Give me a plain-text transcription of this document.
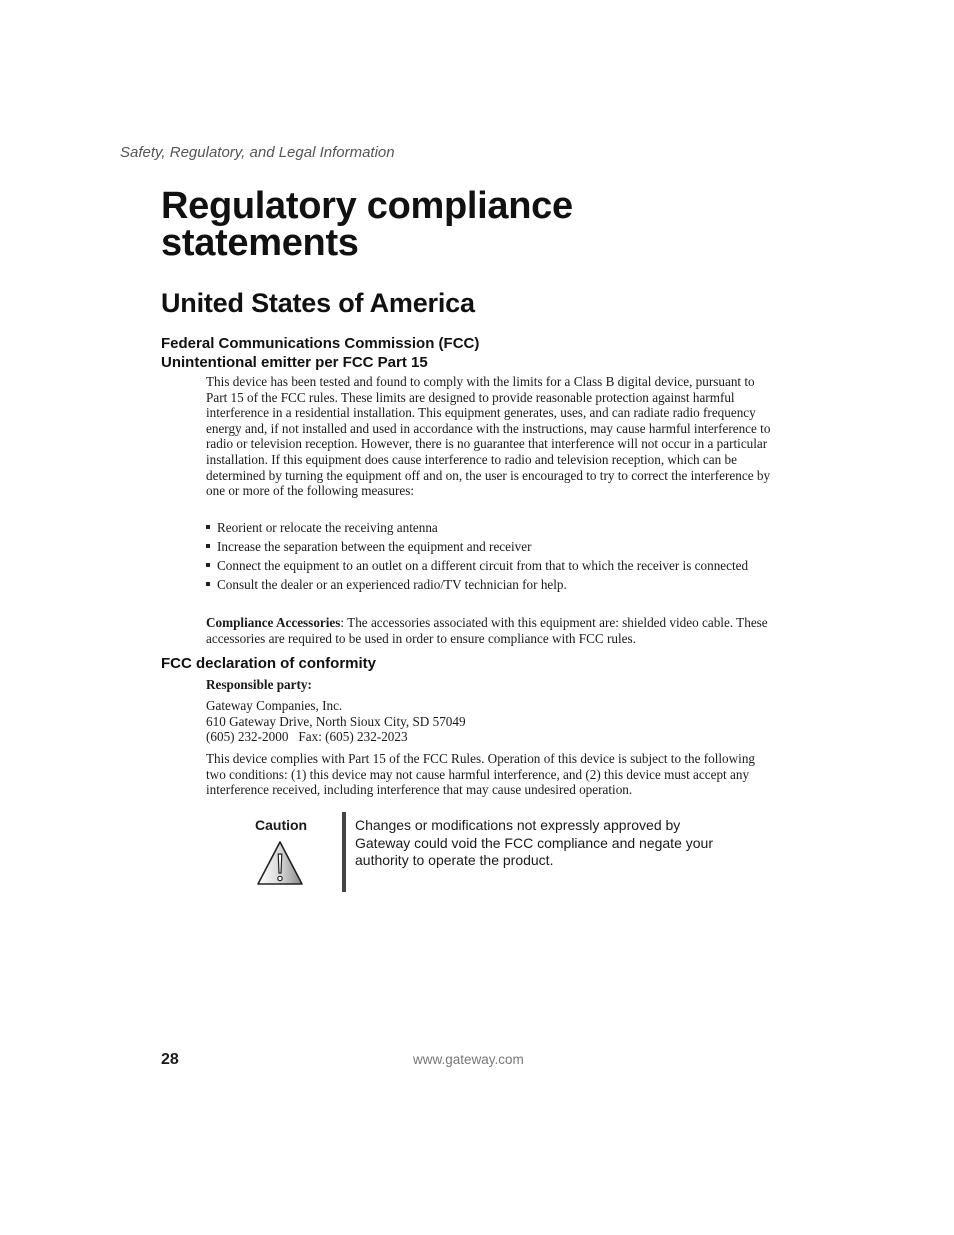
Safety, Regulatory, and Legal Information
Regulatory compliance
statements
United States of America
Federal Communications Commission (FCC)
Unintentional emitter per FCC Part 15

This device has been tested and found to comply with the limits for a Class B digital device, pursuant to Part 15 of the FCC rules. These limits are designed to provide reasonable protection against harmful interference in a residential installation. This equipment generates, uses, and can radiate radio frequency energy and, if not installed and used in accordance with the instructions, may cause harmful interference to radio or television reception. However, there is no guarantee that interference will not occur in a particular installation. If this equipment does cause interference to radio and television reception, which can be determined by turning the equipment off and on, the user is encouraged to try to correct the interference by one or more of the following measures:

Reorient or relocate the receiving antenna
Increase the separation between the equipment and receiver
Connect the equipment to an outlet on a different circuit from that to which the receiver is connected
Consult the dealer or an experienced radio/TV technician for help.

Compliance Accessories: The accessories associated with this equipment are: shielded video cable. These accessories are required to be used in order to ensure compliance with FCC rules.

FCC declaration of conformity

Responsible party:

Gateway Companies, Inc.
610 Gateway Drive, North Sioux City, SD 57049
(605) 232-2000 Fax: (605) 232-2023

This device complies with Part 15 of the FCC Rules. Operation of this device is subject to the following two conditions: (1) this device may not cause harmful interference, and (2) this device must accept any interference received, including interference that may cause undesired operation.

Caution	Changes or modifications not expressly approved by Gateway could void the FCC compliance and negate your authority to operate the product.

28	www.gateway.com
